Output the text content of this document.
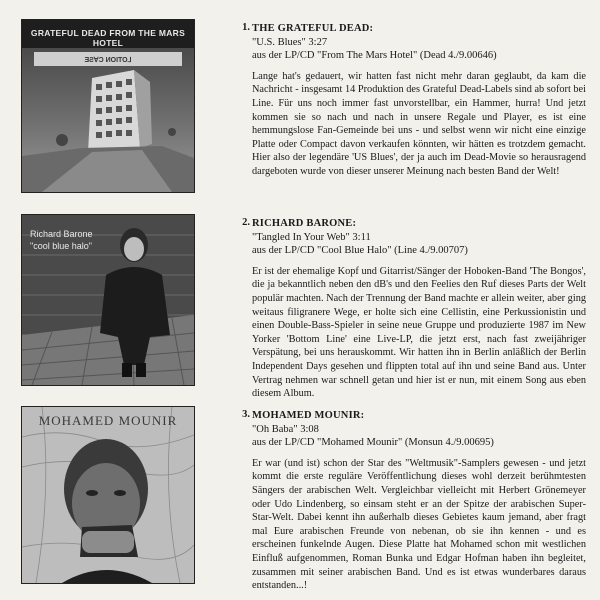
ƎƧ∀Ɔ ИOITO⅃
GRATEFUL DEAD FROM THE MARS HOTEL
1. THE GRATEFUL DEAD:
"U.S. Blues" 3:27
aus der LP/CD "From The Mars Hotel" (Dead 4./9.00646)
Lange hat's gedauert, wir hatten fast nicht mehr daran geglaubt, da kam die Nachricht - insgesamt 14 Produktion des Grateful Dead-Labels sind ab sofort bei Line. Für uns noch immer fast unvorstellbar, ein Hammer, hurra! Und jetzt kommen sie so nach und nach in unsere Regale und Player, es ist eine hemmungslose Fan-Gemeinde bei uns - und selbst wenn wir nicht eine einzige Platte oder Compact davon verkaufen könnten, wir hätten es trotzdem gemacht. Hier also der legendäre 'US Blues', der ja auch im Dead-Movie so herausragend dargeboten wurde von dieser unserer Meinung nach besten Band der Welt!
Richard Barone
"cool blue halo"
2. RICHARD BARONE:
"Tangled In Your Web" 3:11
aus der LP/CD "Cool Blue Halo" (Line 4./9.00707)
Er ist der ehemalige Kopf und Gitarrist/Sänger der Hoboken-Band 'The Bongos', die ja bekanntlich neben den dB's und den Feelies den Ruf dieses Parts der Welt populär machten. Nach der Trennung der Band machte er allein weiter, aber ging weitaus filigranere Wege, er holte sich eine Cellistin, eine Perkussionistin und einen Double-Bass-Spieler in seine neue Gruppe und produzierte 1987 im New Yorker 'Bottom Line' eine Live-LP, die jetzt erst, nach fast zweijähriger Verspätung, bei uns herauskommt. Wir hatten ihn in Berlin anläßlich der Berlin Independent Days gesehen und flippten total auf ihn und seine Band aus. Unter Vertrag nehmen war schnell getan und hier ist er nun, mit einem Song aus eben diesem Album.
MOHAMED MOUNIR	3. MOHAMED MOUNIR:
"Oh Baba" 3:08
aus der LP/CD "Mohamed Mounir" (Monsun 4./9.00695)
Er war (und ist) schon der Star des "Weltmusik"-Samplers gewesen - und jetzt kommt die erste reguläre Veröffentlichung dieses wohl derzeit berühmtesten Sängers der arabischen Welt. Vergleichbar vielleicht mit Herbert Grönemeyer oder Udo Lindenberg, so einsam steht er an der Spitze der arabischen Super-Star-Welt. Dabei kennt ihn außerhalb dieses Gebietes kaum jemand, aber fragt mal Eure arabischen Freunde von nebenan, ob sie ihn kennen - und es erscheinen funkelnde Augen. Diese Platte hat Mohamed schon mit westlichen Einfluß aufgenommen, Roman Bunka und Edgar Hofman haben ihn begleitet, zusammen mit seiner arabischen Band. Und es ist etwas wunderbares daraus entstanden...!
